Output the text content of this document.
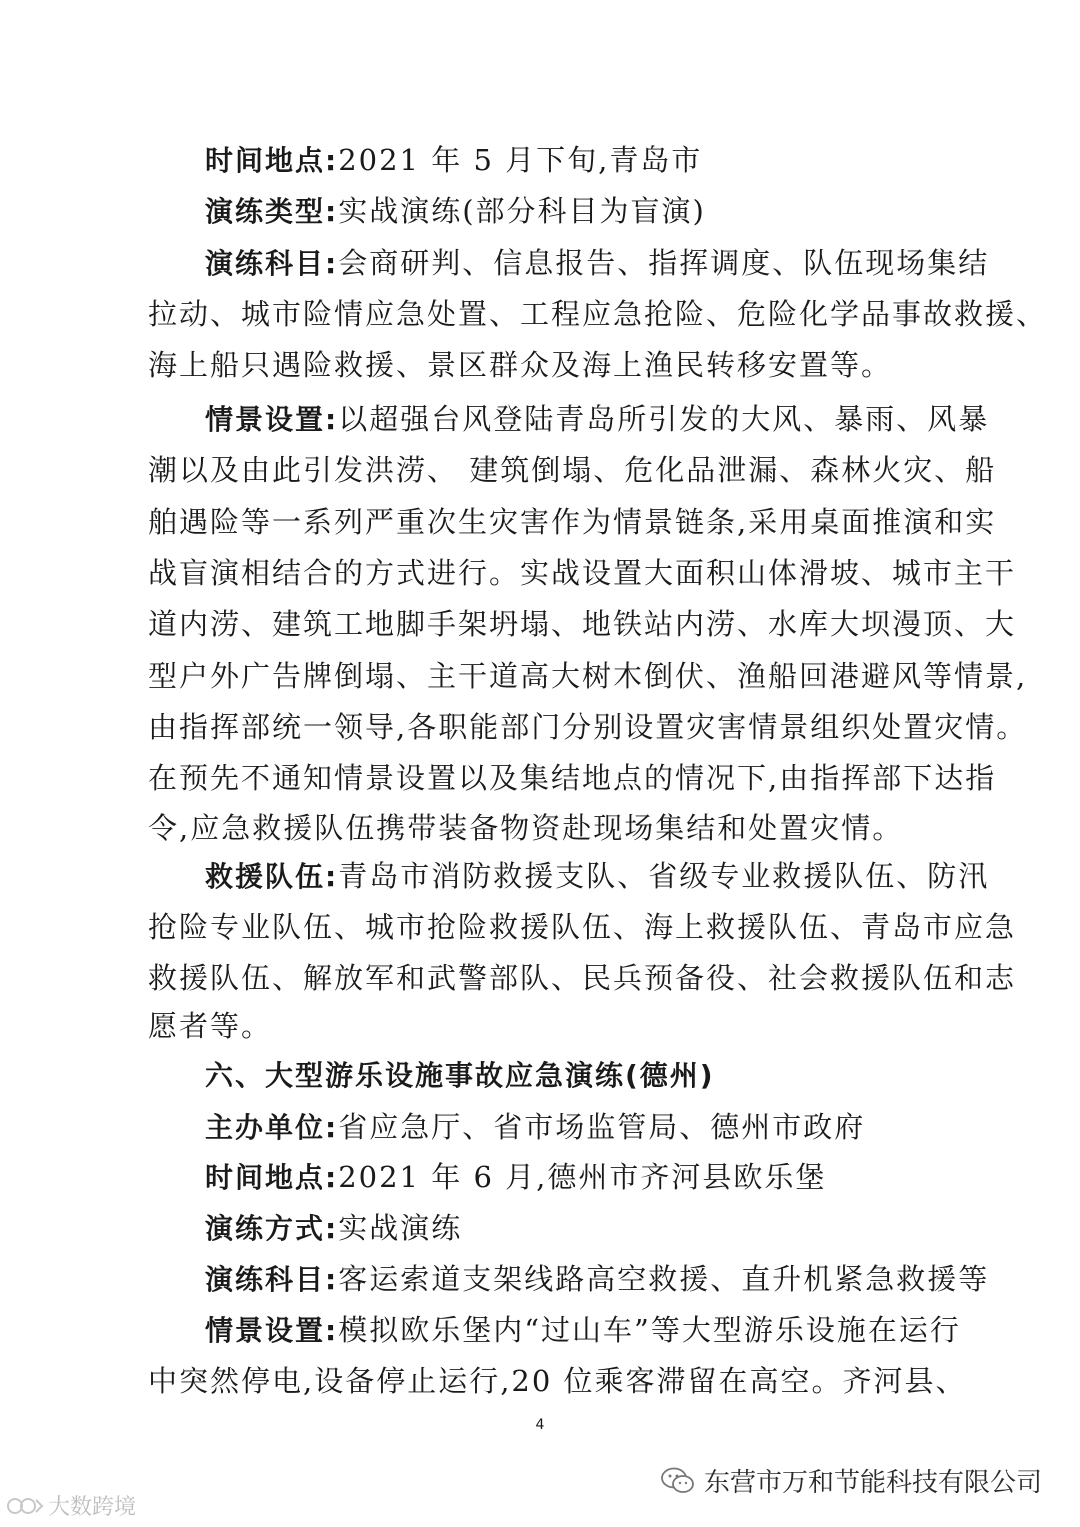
时间地点:2021 年 5 月下旬,青岛市
演练类型:实战演练(部分科目为盲演)
演练科目:会商研判、信息报告、指挥调度、队伍现场集结
拉动、城市险情应急处置、工程应急抢险、危险化学品事故救援、
海上船只遇险救援、景区群众及海上渔民转移安置等。
情景设置:以超强台风登陆青岛所引发的大风、暴雨、风暴
潮以及由此引发洪涝、 建筑倒塌、危化品泄漏、森林火灾、船
舶遇险等一系列严重次生灾害作为情景链条,采用桌面推演和实
战盲演相结合的方式进行。实战设置大面积山体滑坡、城市主干
道内涝、建筑工地脚手架坍塌、地铁站内涝、水库大坝漫顶、大
型户外广告牌倒塌、主干道高大树木倒伏、渔船回港避风等情景,
由指挥部统一领导,各职能部门分别设置灾害情景组织处置灾情。
在预先不通知情景设置以及集结地点的情况下,由指挥部下达指
令,应急救援队伍携带装备物资赴现场集结和处置灾情。
救援队伍:青岛市消防救援支队、省级专业救援队伍、防汛
抢险专业队伍、城市抢险救援队伍、海上救援队伍、青岛市应急
救援队伍、解放军和武警部队、民兵预备役、社会救援队伍和志
愿者等。
六、大型游乐设施事故应急演练(德州)
主办单位:省应急厅、省市场监管局、德州市政府
时间地点:2021 年 6 月,德州市齐河县欧乐堡
演练方式:实战演练
演练科目:客运索道支架线路高空救援、直升机紧急救援等
情景设置:模拟欧乐堡内“过山车”等大型游乐设施在运行
中突然停电,设备停止运行,20 位乘客滞留在高空。齐河县、
4
东营市万和节能科技有限公司
大数跨境
